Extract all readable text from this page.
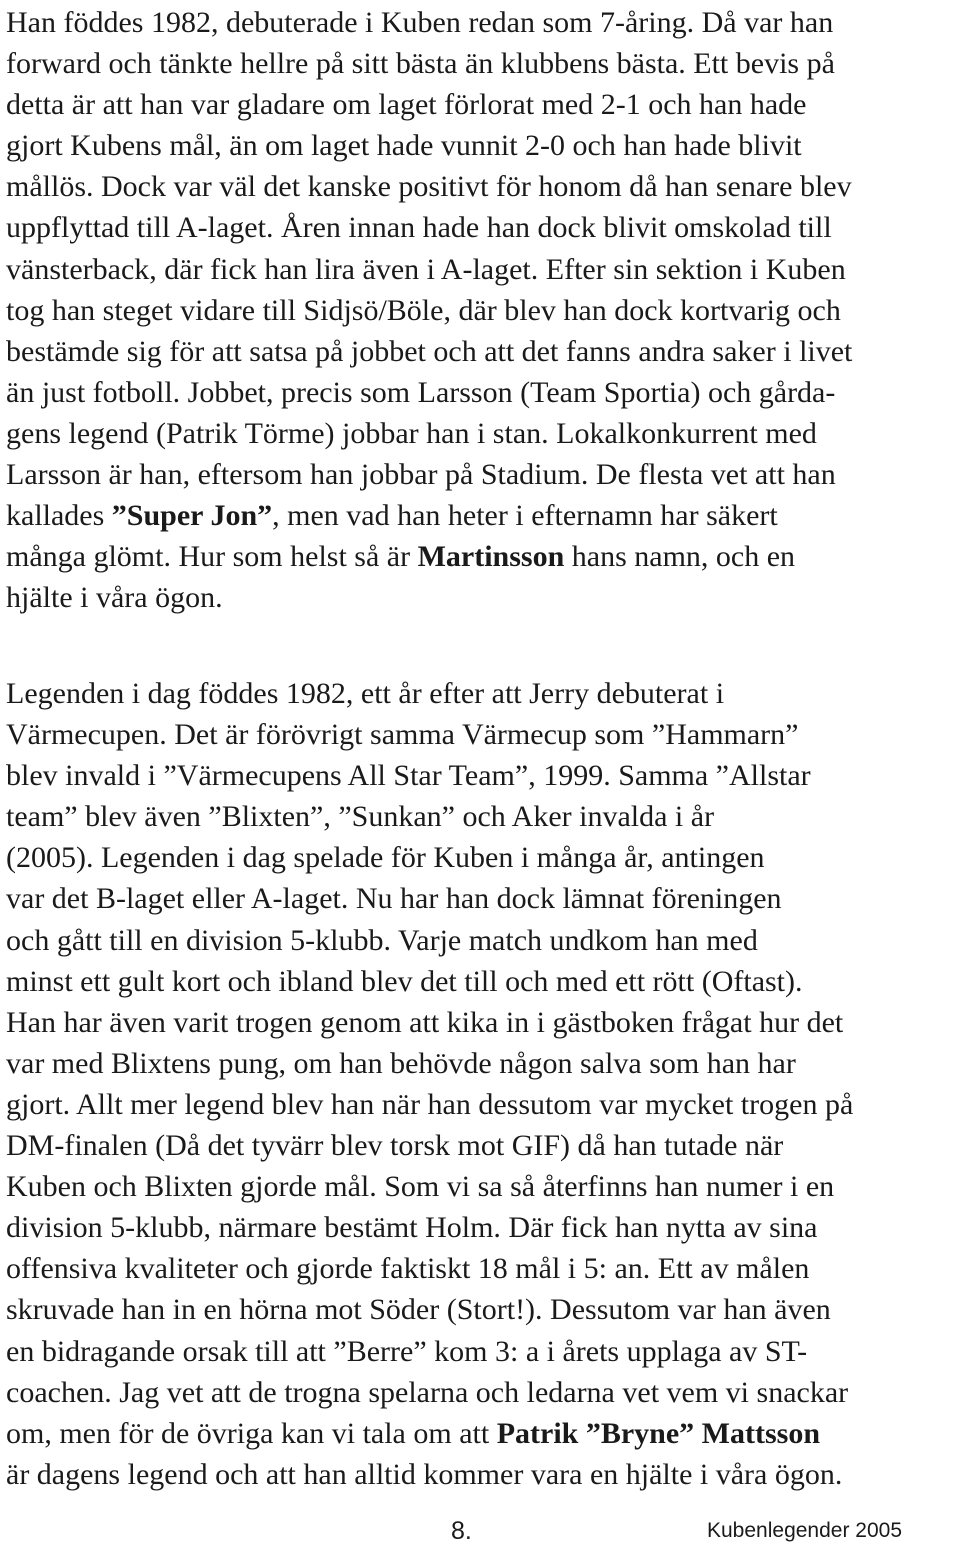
Han föddes 1982, debuterade i Kuben redan som 7-åring. Då var han
forward och tänkte hellre på sitt bästa än klubbens bästa. Ett bevis på
detta är att han var gladare om laget förlorat med 2-1 och han hade
gjort Kubens mål, än om laget hade vunnit 2-0 och han hade blivit
mållös. Dock var väl det kanske positivt för honom då han senare blev
uppflyttad till A-laget. Åren innan hade han dock blivit omskolad till
vänsterback, där fick han lira även i A-laget. Efter sin sektion i Kuben
tog han steget vidare till Sidjsö/Böle, där blev han dock kortvarig och
bestämde sig för att satsa på jobbet och att det fanns andra saker i livet
än just fotboll. Jobbet, precis som Larsson (Team Sportia) och gårda-
gens legend (Patrik Törme) jobbar han i stan. Lokalkonkurrent med
Larsson är han, eftersom han jobbar på Stadium. De flesta vet att han
kallades ”Super Jon”, men vad han heter i efternamn har säkert
många glömt. Hur som helst så är Martinsson hans namn, och en
hjälte i våra ögon.

Legenden i dag föddes 1982, ett år efter att Jerry debuterat i
Värmecupen. Det är förövrigt samma Värmecup som ”Hammarn”
blev invald i ”Värmecupens All Star Team”, 1999. Samma ”Allstar
team” blev även ”Blixten”, ”Sunkan” och Aker invalda i år
(2005). Legenden i dag spelade för Kuben i många år, antingen
var det B-laget eller A-laget. Nu har han dock lämnat föreningen
och gått till en division 5-klubb. Varje match undkom han med
minst ett gult kort och ibland blev det till och med ett rött (Oftast).
Han har även varit trogen genom att kika in i gästboken frågat hur det
var med Blixtens pung, om han behövde någon salva som han har
gjort. Allt mer legend blev han när han dessutom var mycket trogen på
DM-finalen (Då det tyvärr blev torsk mot GIF) då han tutade när
Kuben och Blixten gjorde mål. Som vi sa så återfinns han numer i en
division 5-klubb, närmare bestämt Holm. Där fick han nytta av sina
offensiva kvaliteter och gjorde faktiskt 18 mål i 5: an. Ett av målen
skruvade han in en hörna mot Söder (Stort!). Dessutom var han även
en bidragande orsak till att ”Berre” kom 3: a i årets upplaga av ST-
coachen. Jag vet att de trogna spelarna och ledarna vet vem vi snackar
om, men för de övriga kan vi tala om att Patrik ”Bryne” Mattsson
är dagens legend och att han alltid kommer vara en hjälte i våra ögon.

8.	Kubenlegender 2005
